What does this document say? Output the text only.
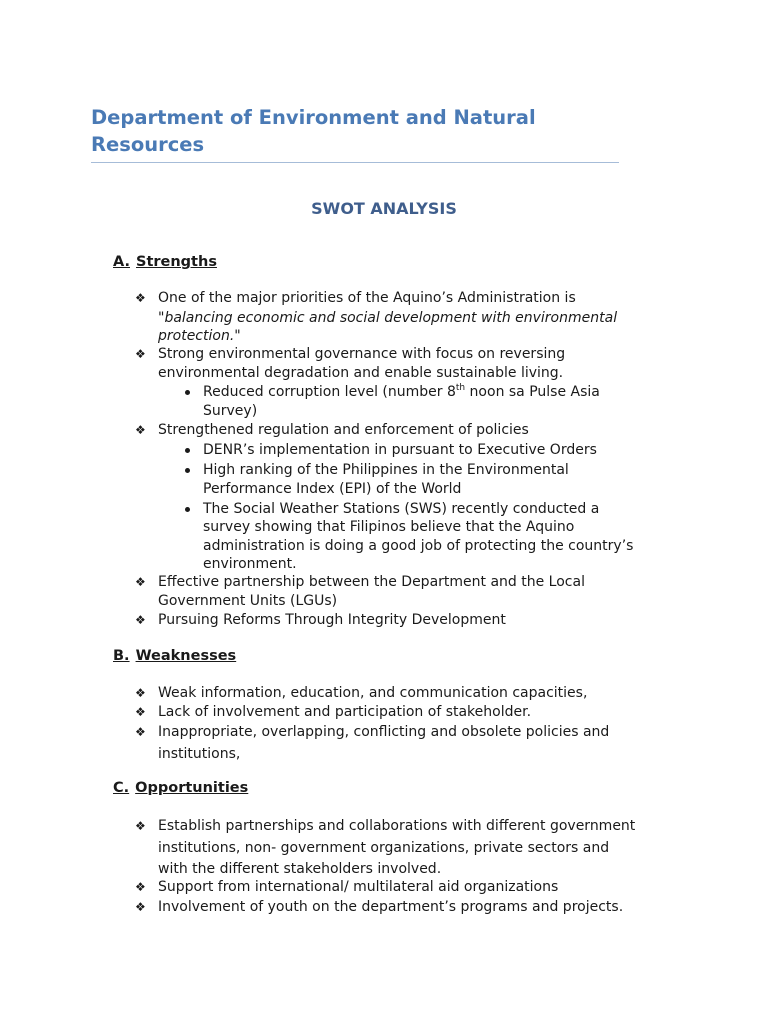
Department of Environment and Natural
Resources
SWOT ANALYSIS
A. Strengths
❖ One of the major priorities of the Aquino’s Administration is
"balancing economic and social development with environmental
protection."
❖ Strong environmental governance with focus on reversing
environmental degradation and enable sustainable living.
Reduced corruption level (number 8th noon sa Pulse Asia
Survey)
❖ Strengthened regulation and enforcement of policies
DENR’s implementation in pursuant to Executive Orders
High ranking of the Philippines in the Environmental
Performance Index (EPI) of the World
The Social Weather Stations (SWS) recently conducted a
survey showing that Filipinos believe that the Aquino
administration is doing a good job of protecting the country’s
environment.
❖ Effective partnership between the Department and the Local
Government Units (LGUs)
❖ Pursuing Reforms Through Integrity Development
B. Weaknesses
❖ Weak information, education, and communication capacities,
❖ Lack of involvement and participation of stakeholder.
❖ Inappropriate, overlapping, conflicting and obsolete policies and
institutions,
C. Opportunities
❖ Establish partnerships and collaborations with different government
institutions, non- government organizations, private sectors and
with the different stakeholders involved.
❖ Support from international/ multilateral aid organizations
❖ Involvement of youth on the department’s programs and projects.
